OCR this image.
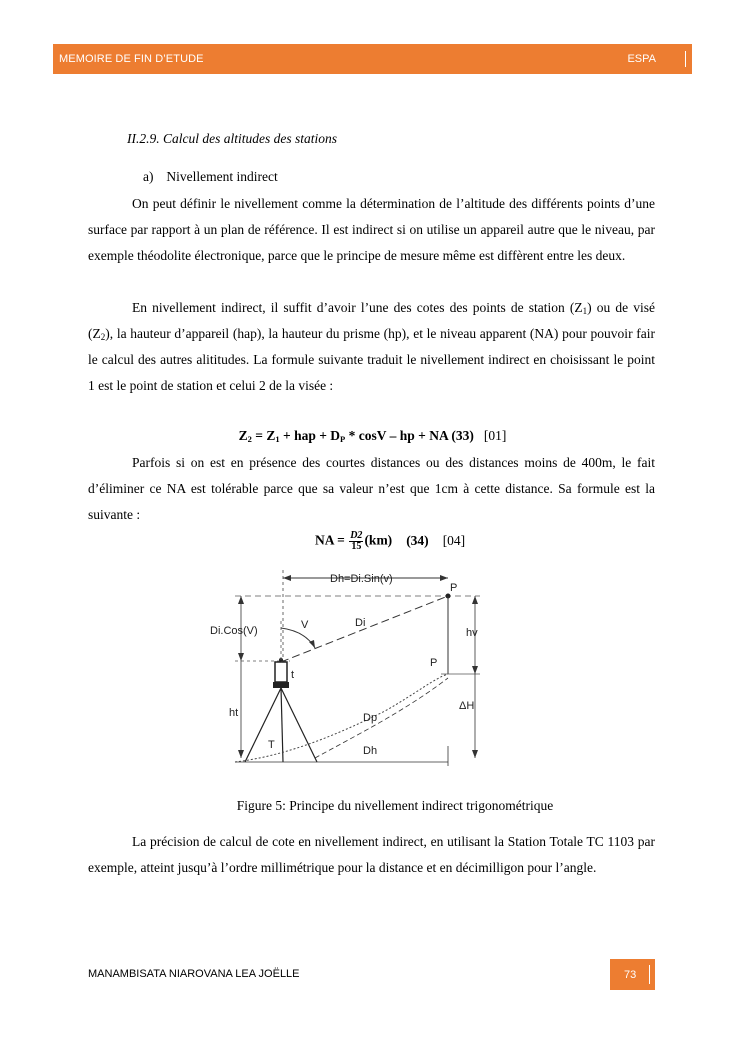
MEMOIRE DE FIN D’ETUDE	ESPA
II.2.9. Calcul des altitudes des stations
a) Nivellement indirect

On peut définir le nivellement comme la détermination de l’altitude des différents points d’une surface par rapport à un plan de référence. Il est indirect si on utilise un appareil autre que le niveau, par exemple théodolite électronique, parce que le principe de mesure même est diffèrent entre les deux.

En nivellement indirect, il suffit d’avoir l’une des cotes des points de station $(Z_1)$ ou de visé $(Z_2)$, la hauteur d’appareil (hap), la hauteur du prisme (hp), et le niveau apparent (NA) pour pouvoir fair le calcul des autres alititudes. La formule suivante traduit le nivellement indirect en choisissant le point 1 est le point de station et celui 2 de la visée :

$Z_2 = Z_1$ + hap + $D_P$ * cosV – hp + NA (33) [01]

Parfois si on est en présence des courtes distances ou des distances moins de 400m, le fait d’éliminer ce NA est tolérable parce que sa valeur n’est que 1cm à cette distance. Sa formule est la suivante :

NA = $\frac{D2}{15} (km)$ (34) [04]
Dh=Di.Sin(v)
Di.Cos(V)
ht
t
T
V	Di
P
hv
ΔH
P
Dp
Dh
Figure 5: Principe du nivellement indirect trigonométrique

La précision de calcul de cote en nivellement indirect, en utilisant la Station Totale TC 1103 par exemple, atteint jusqu’à l’ordre millimétrique pour la distance et en décimilligon pour l’angle.

MANAMBISATA NIAROVANA LEA JOËLLE	73
